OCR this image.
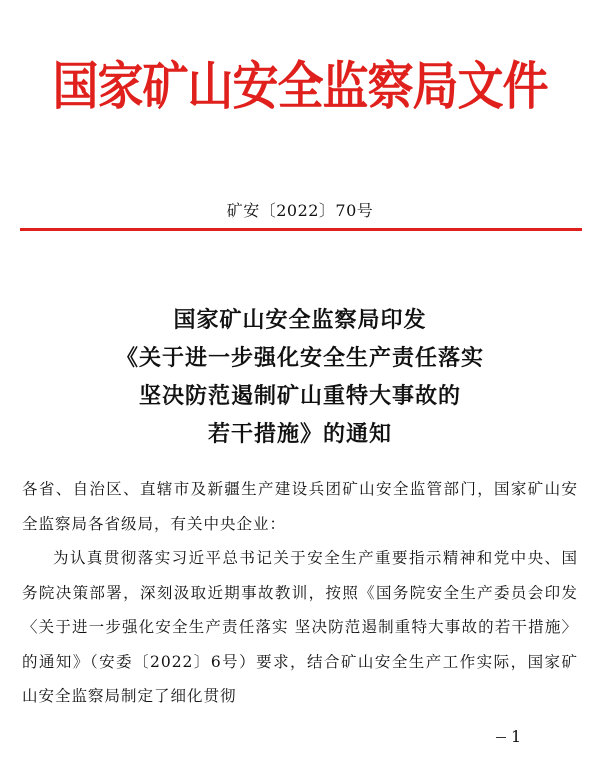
国家矿山安全监察局文件
矿安〔2022〕70号
国家矿山安全监察局印发
《关于进一步强化安全生产责任落实
坚决防范遏制矿山重特大事故的
若干措施》的通知

各省、自治区、直辖市及新疆生产建设兵团矿山安全监管部门，国家矿山安全监察局各省级局，有关中央企业：

为认真贯彻落实习近平总书记关于安全生产重要指示精神和党中央、国务院决策部署，深刻汲取近期事故教训，按照《国务院安全生产委员会印发〈关于进一步强化安全生产责任落实 坚决防范遏制重特大事故的若干措施〉的通知》（安委〔2022〕6号）要求，结合矿山安全生产工作实际，国家矿山安全监察局制定了细化贯彻

1
